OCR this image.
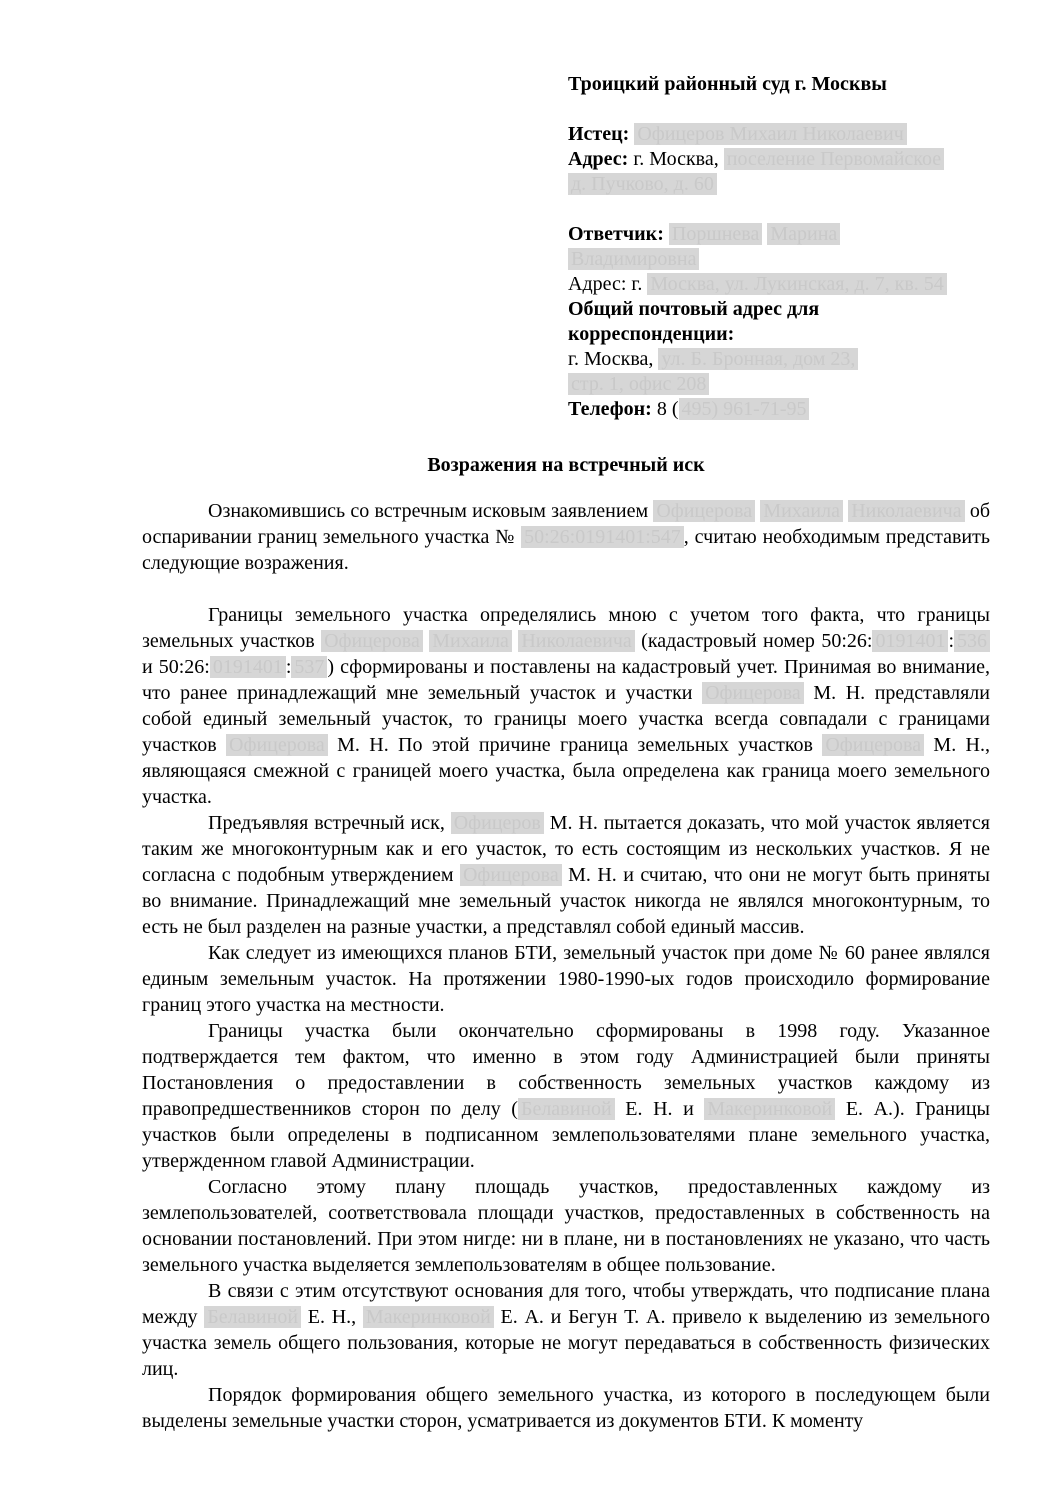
Троицкий районный суд г. Москвы
Истец: Офицеров Михаил Николаевич
Адрес: г. Москва, поселение Первомайское
д. Пучково, д. 60
Ответчик: Поршнева Марина
Владимировна
Адрес: г. Москва, ул. Лукинская, д. 7, кв. 54
Общий почтовый адрес для
корреспонденции:
г. Москва, ул. Б. Бронная, дом 23,
стр. 1, офис 208
Телефон: 8 ( 495) 961-71-95
Возражения на встречный иск

Ознакомившись со встречным исковым заявлением Офицерова Михаила Николаевича об оспаривании границ земельного участка № 50:26:0191401:547 , считаю необходимым представить следующие возражения.

Границы земельного участка определялись мною с учетом того факта, что границы земельных участков Офицерова Михаила Николаевича (кадастровый номер 50:26: 0191401 : 536 и 50:26: 0191401 : 537 ) сформированы и поставлены на кадастровый учет. Принимая во внимание, что ранее принадлежащий мне земельный участок и участки Офицерова М. Н. представляли собой единый земельный участок, то границы моего участка всегда совпадали с границами участков Офицерова М. Н. По этой причине граница земельных участков Офицерова М. Н., являющаяся смежной с границей моего участка, была определена как граница моего земельного участка.

Предъявляя встречный иск, Офицеров М. Н. пытается доказать, что мой участок является таким же многоконтурным как и его участок, то есть состоящим из нескольких участков. Я не согласна с подобным утверждением Офицерова М. Н. и считаю, что они не могут быть приняты во внимание. Принадлежащий мне земельный участок никогда не являлся многоконтурным, то есть не был разделен на разные участки, а представлял собой единый массив.

Как следует из имеющихся планов БТИ, земельный участок при доме № 60 ранее являлся единым земельным участок. На протяжении 1980-1990-ых годов происходило формирование границ этого участка на местности.

Границы участка были окончательно сформированы в 1998 году. Указанное подтверждается тем фактом, что именно в этом году Администрацией были приняты Постановления о предоставлении в собственность земельных участков каждому из правопредшественников сторон по делу ( Белавиной Е. Н. и Макеринковой Е. А.). Границы участков были определены в подписанном землепользователями плане земельного участка, утвержденном главой Администрации.

Согласно этому плану площадь участков, предоставленных каждому из землепользователей, соответствовала площади участков, предоставленных в собственность на основании постановлений. При этом нигде: ни в плане, ни в постановлениях не указано, что часть земельного участка выделяется землепользователям в общее пользование.

В связи с этим отсутствуют основания для того, чтобы утверждать, что подписание плана между Белавиной Е. Н., Макеринковой Е. А. и Бегун Т. А. привело к выделению из земельного участка земель общего пользования, которые не могут передаваться в собственность физических лиц.

Порядок формирования общего земельного участка, из которого в последующем были выделены земельные участки сторон, усматривается из документов БТИ. К моменту
